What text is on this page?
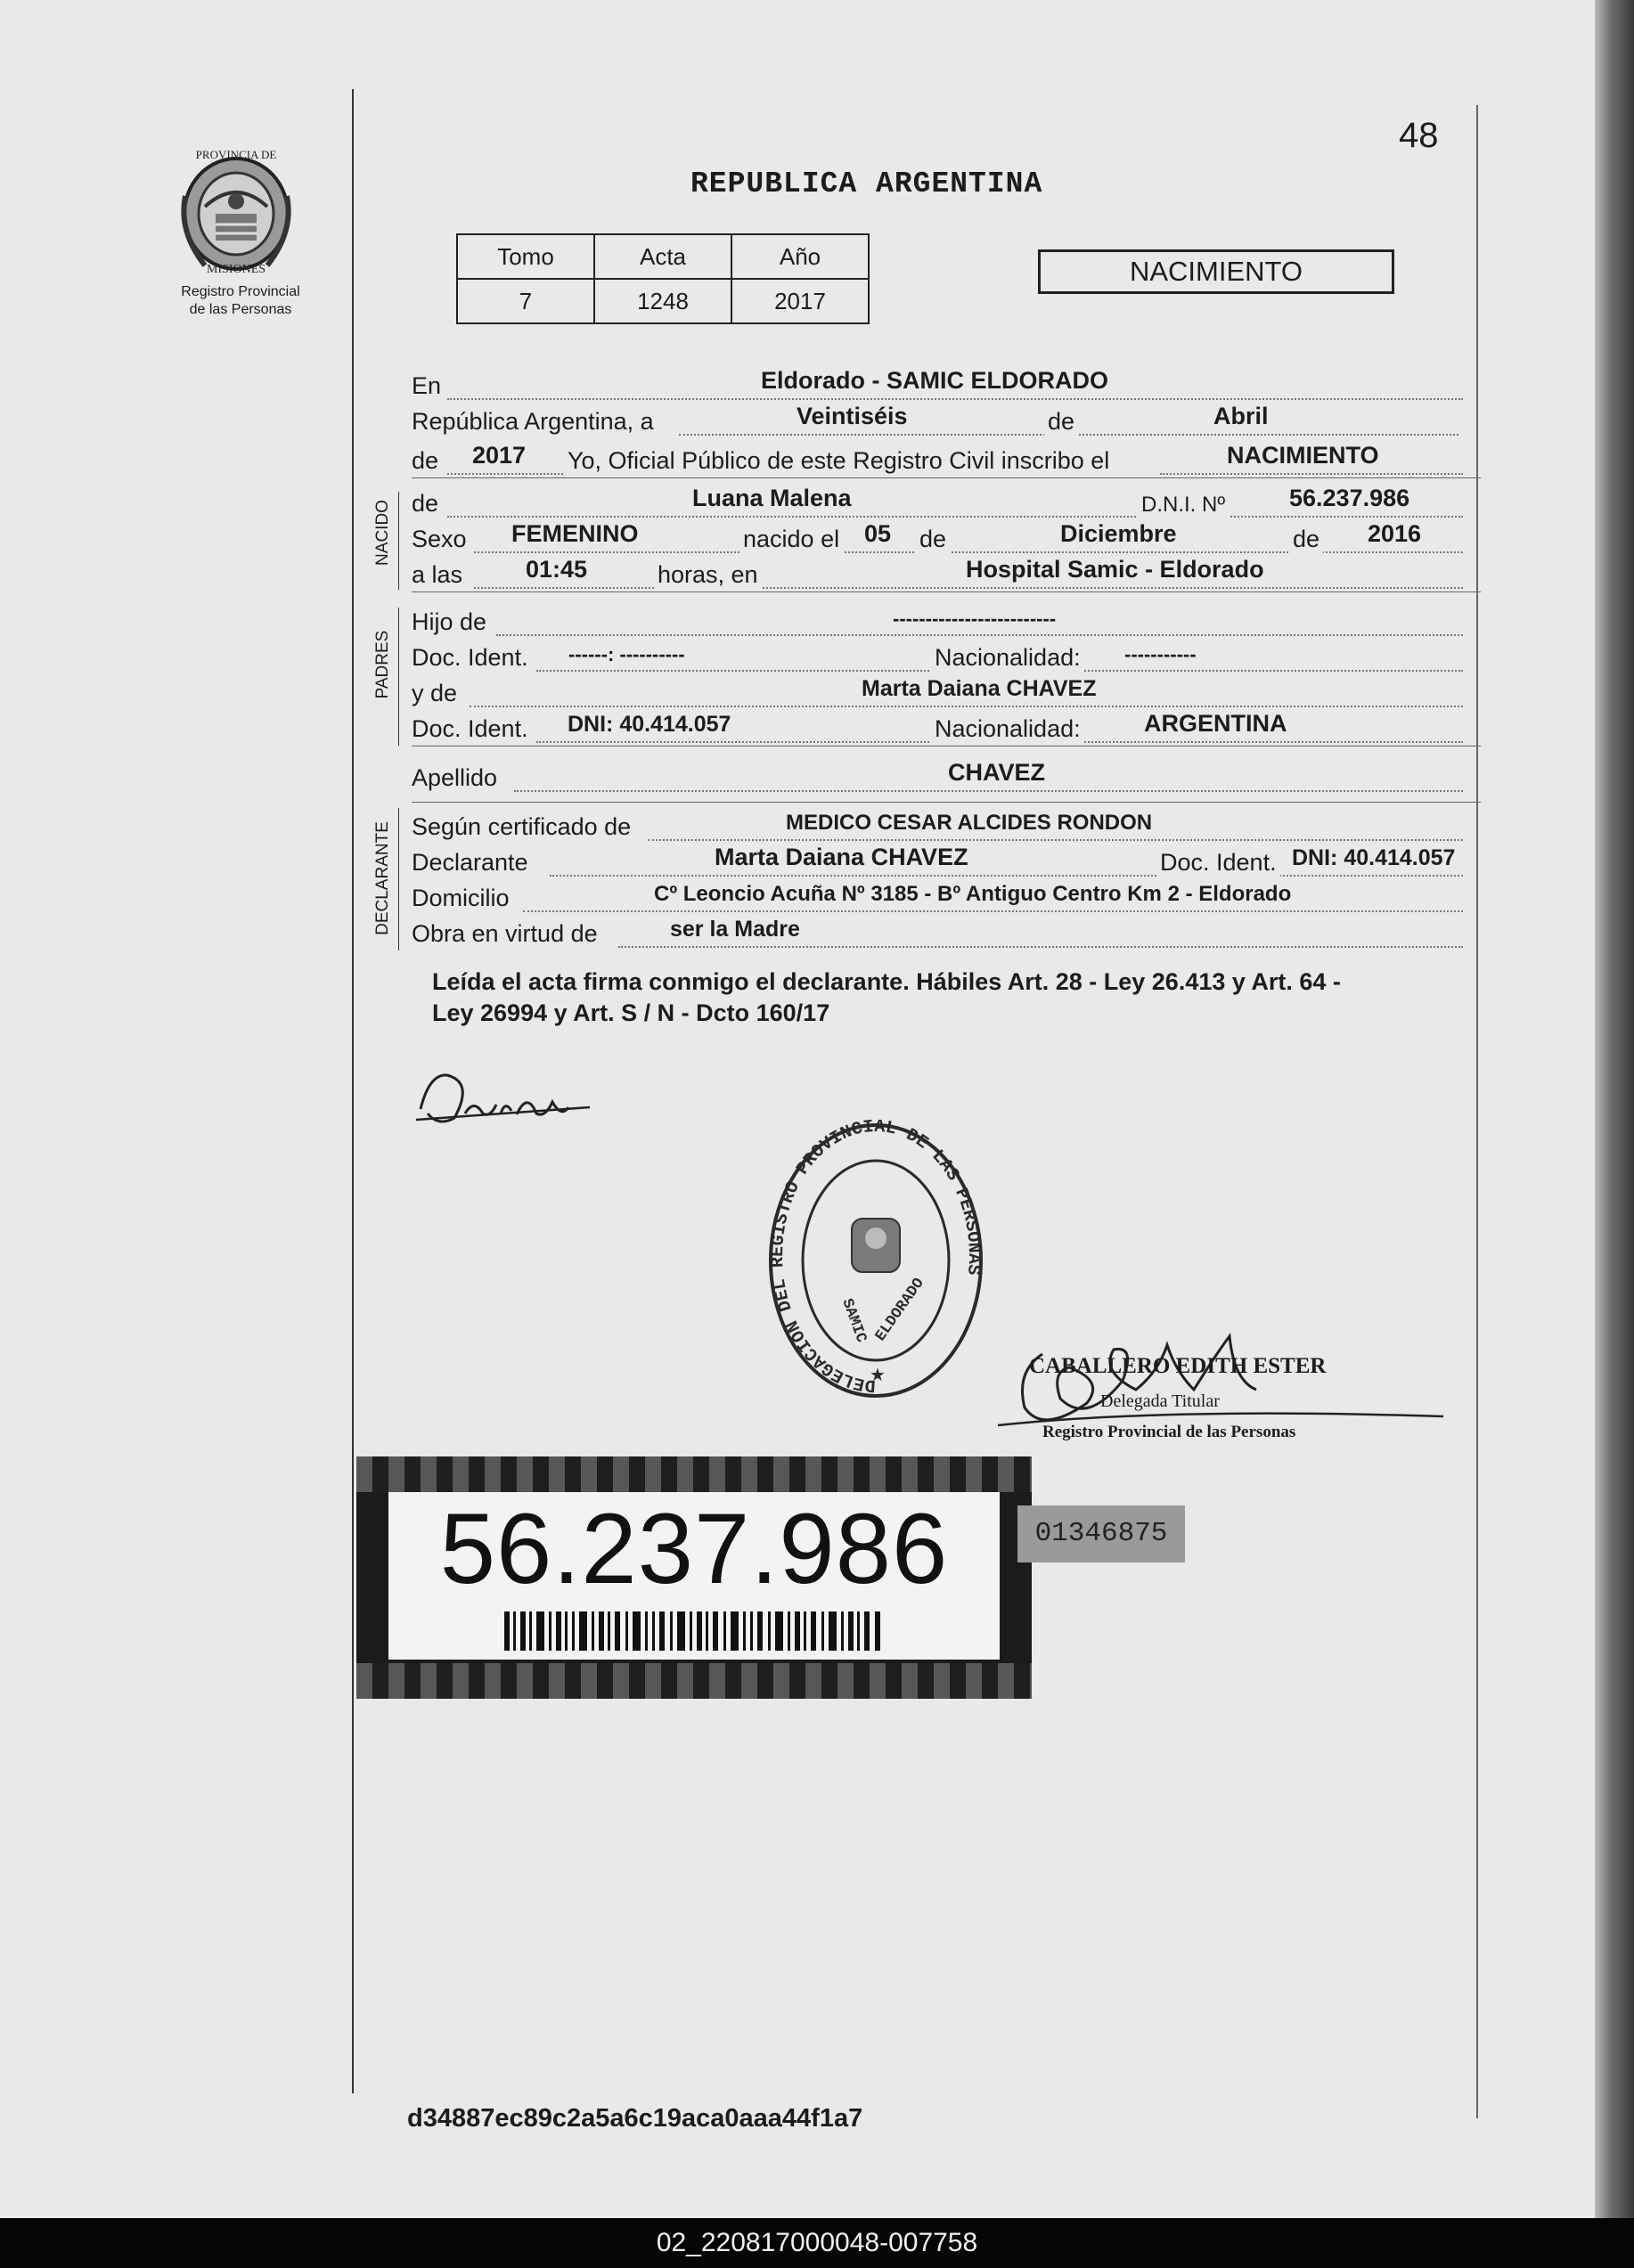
PROVINCIA DE
MISIONES
Registro Provincial
de las Personas
48
REPUBLICA ARGENTINA
Tomo	Acta	Año
7	1248	2017
NACIMIENTO
NACIDO
PADRES
DECLARANTE
En	Eldorado - SAMIC ELDORADO
República Argentina, a	Veintiséis	de	Abril
de 2017 Yo, Oficial Público de este Registro Civil inscribo el	NACIMIENTO
de	Luana Malena	D.N.I. Nº	56.237.986
Sexo FEMENINO	nacido el 05 de	Diciembre	de 2016
a las	01:45	horas, en	Hospital Samic - Eldorado
Hijo de	-------------------------
Doc. Ident. ------: ----------	Nacionalidad: -----------
y de	Marta Daiana CHAVEZ
Doc. Ident. DNI: 40.414.057	Nacionalidad:	ARGENTINA
Apellido	CHAVEZ
Según certificado de	MEDICO CESAR ALCIDES RONDON
Declarante	Marta Daiana CHAVEZ	Doc. Ident. DNI: 40.414.057
Domicilio	Cº Leoncio Acuña Nº 3185 - Bº Antiguo Centro Km 2 - Eldorado
Obra en virtud de	ser la Madre
Leída el acta firma conmigo el declarante. Hábiles Art. 28 - Ley 26.413 y Art. 64 -
Ley 26994 y Art. S / N - Dcto 160/17
DELEGACION DEL REGISTRO PROVINCIAL DE LAS PERSONAS
SAMIC ELDORADO
★	CABALLERO EDITH ESTER
Delegada Titular
Registro Provincial de las Personas
56.237.986	01346875
d34887ec89c2a5a6c19aca0aaa44f1a7
02_220817000048-007758
